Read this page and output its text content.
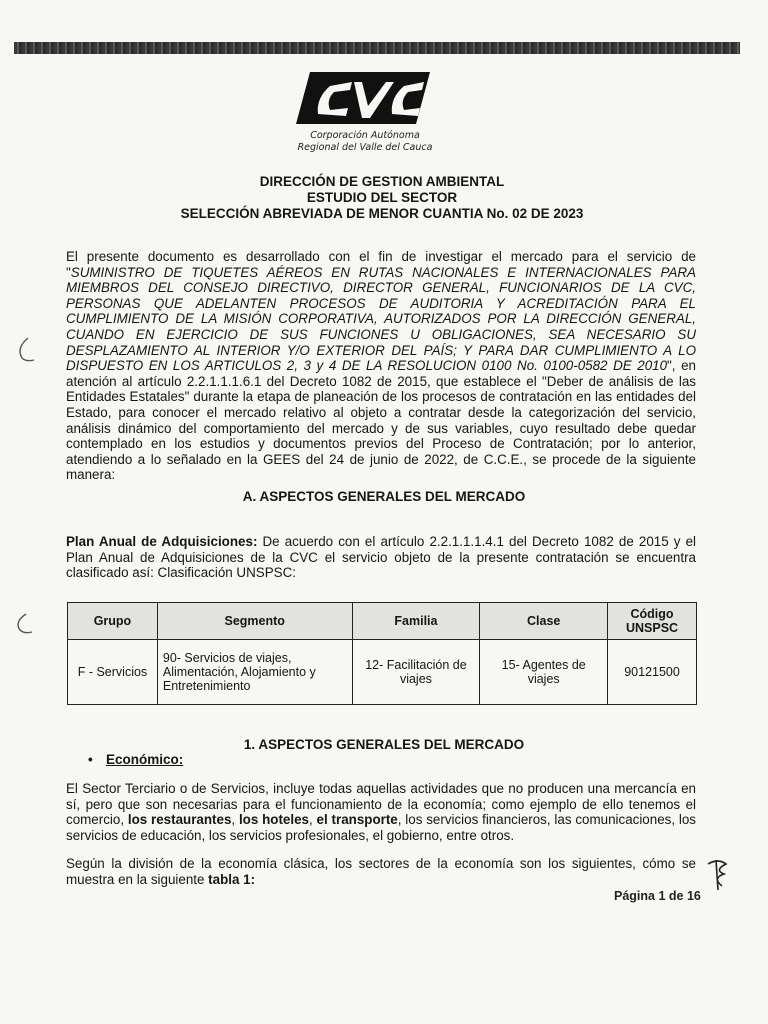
Corporación Autónoma
Regional del Valle del Cauca
DIRECCIÓN DE GESTION AMBIENTAL
ESTUDIO DEL SECTOR
SELECCIÓN ABREVIADA DE MENOR CUANTIA No. 02 DE 2023

El presente documento es desarrollado con el fin de investigar el mercado para el servicio de "SUMINISTRO DE TIQUETES AÉREOS EN RUTAS NACIONALES E INTERNACIONALES PARA MIEMBROS DEL CONSEJO DIRECTIVO, DIRECTOR GENERAL, FUNCIONARIOS DE LA CVC, PERSONAS QUE ADELANTEN PROCESOS DE AUDITORIA Y ACREDITACIÓN PARA EL CUMPLIMIENTO DE LA MISIÓN CORPORATIVA, AUTORIZADOS POR LA DIRECCIÓN GENERAL, CUANDO EN EJERCICIO DE SUS FUNCIONES U OBLIGACIONES, SEA NECESARIO SU DESPLAZAMIENTO AL INTERIOR Y/O EXTERIOR DEL PAÍS; Y PARA DAR CUMPLIMIENTO A LO DISPUESTO EN LOS ARTICULOS 2, 3 y 4 DE LA RESOLUCION 0100 No. 0100-0582 DE 2010", en atención al artículo 2.2.1.1.1.6.1 del Decreto 1082 de 2015, que establece el "Deber de análisis de las Entidades Estatales" durante la etapa de planeación de los procesos de contratación en las entidades del Estado, para conocer el mercado relativo al objeto a contratar desde la categorización del servicio, análisis dinámico del comportamiento del mercado y de sus variables, cuyo resultado debe quedar contemplado en los estudios y documentos previos del Proceso de Contratación; por lo anterior, atendiendo a lo señalado en la GEES del 24 de junio de 2022, de C.C.E., se procede de la siguiente manera:

A. ASPECTOS GENERALES DEL MERCADO

Plan Anual de Adquisiciones: De acuerdo con el artículo 2.2.1.1.1.4.1 del Decreto 1082 de 2015 y el Plan Anual de Adquisiciones de la CVC el servicio objeto de la presente contratación se encuentra clasificado así: Clasificación UNSPSC:

Grupo	Segmento	Familia	Clase	Código UNSPSC
F - Servicios	90- Servicios de viajes, Alimentación, Alojamiento y Entretenimiento	12- Facilitación de viajes	15- Agentes de viajes	90121500
1. ASPECTOS GENERALES DEL MERCADO
• Económico:

El Sector Terciario o de Servicios, incluye todas aquellas actividades que no producen una mercancía en sí, pero que son necesarias para el funcionamiento de la economía; como ejemplo de ello tenemos el comercio, los restaurantes, los hoteles, el transporte, los servicios financieros, las comunicaciones, los servicios de educación, los servicios profesionales, el gobierno, entre otros.

Según la división de la economía clásica, los sectores de la economía son los siguientes, cómo se muestra en la siguiente tabla 1:

Página 1 de 16
